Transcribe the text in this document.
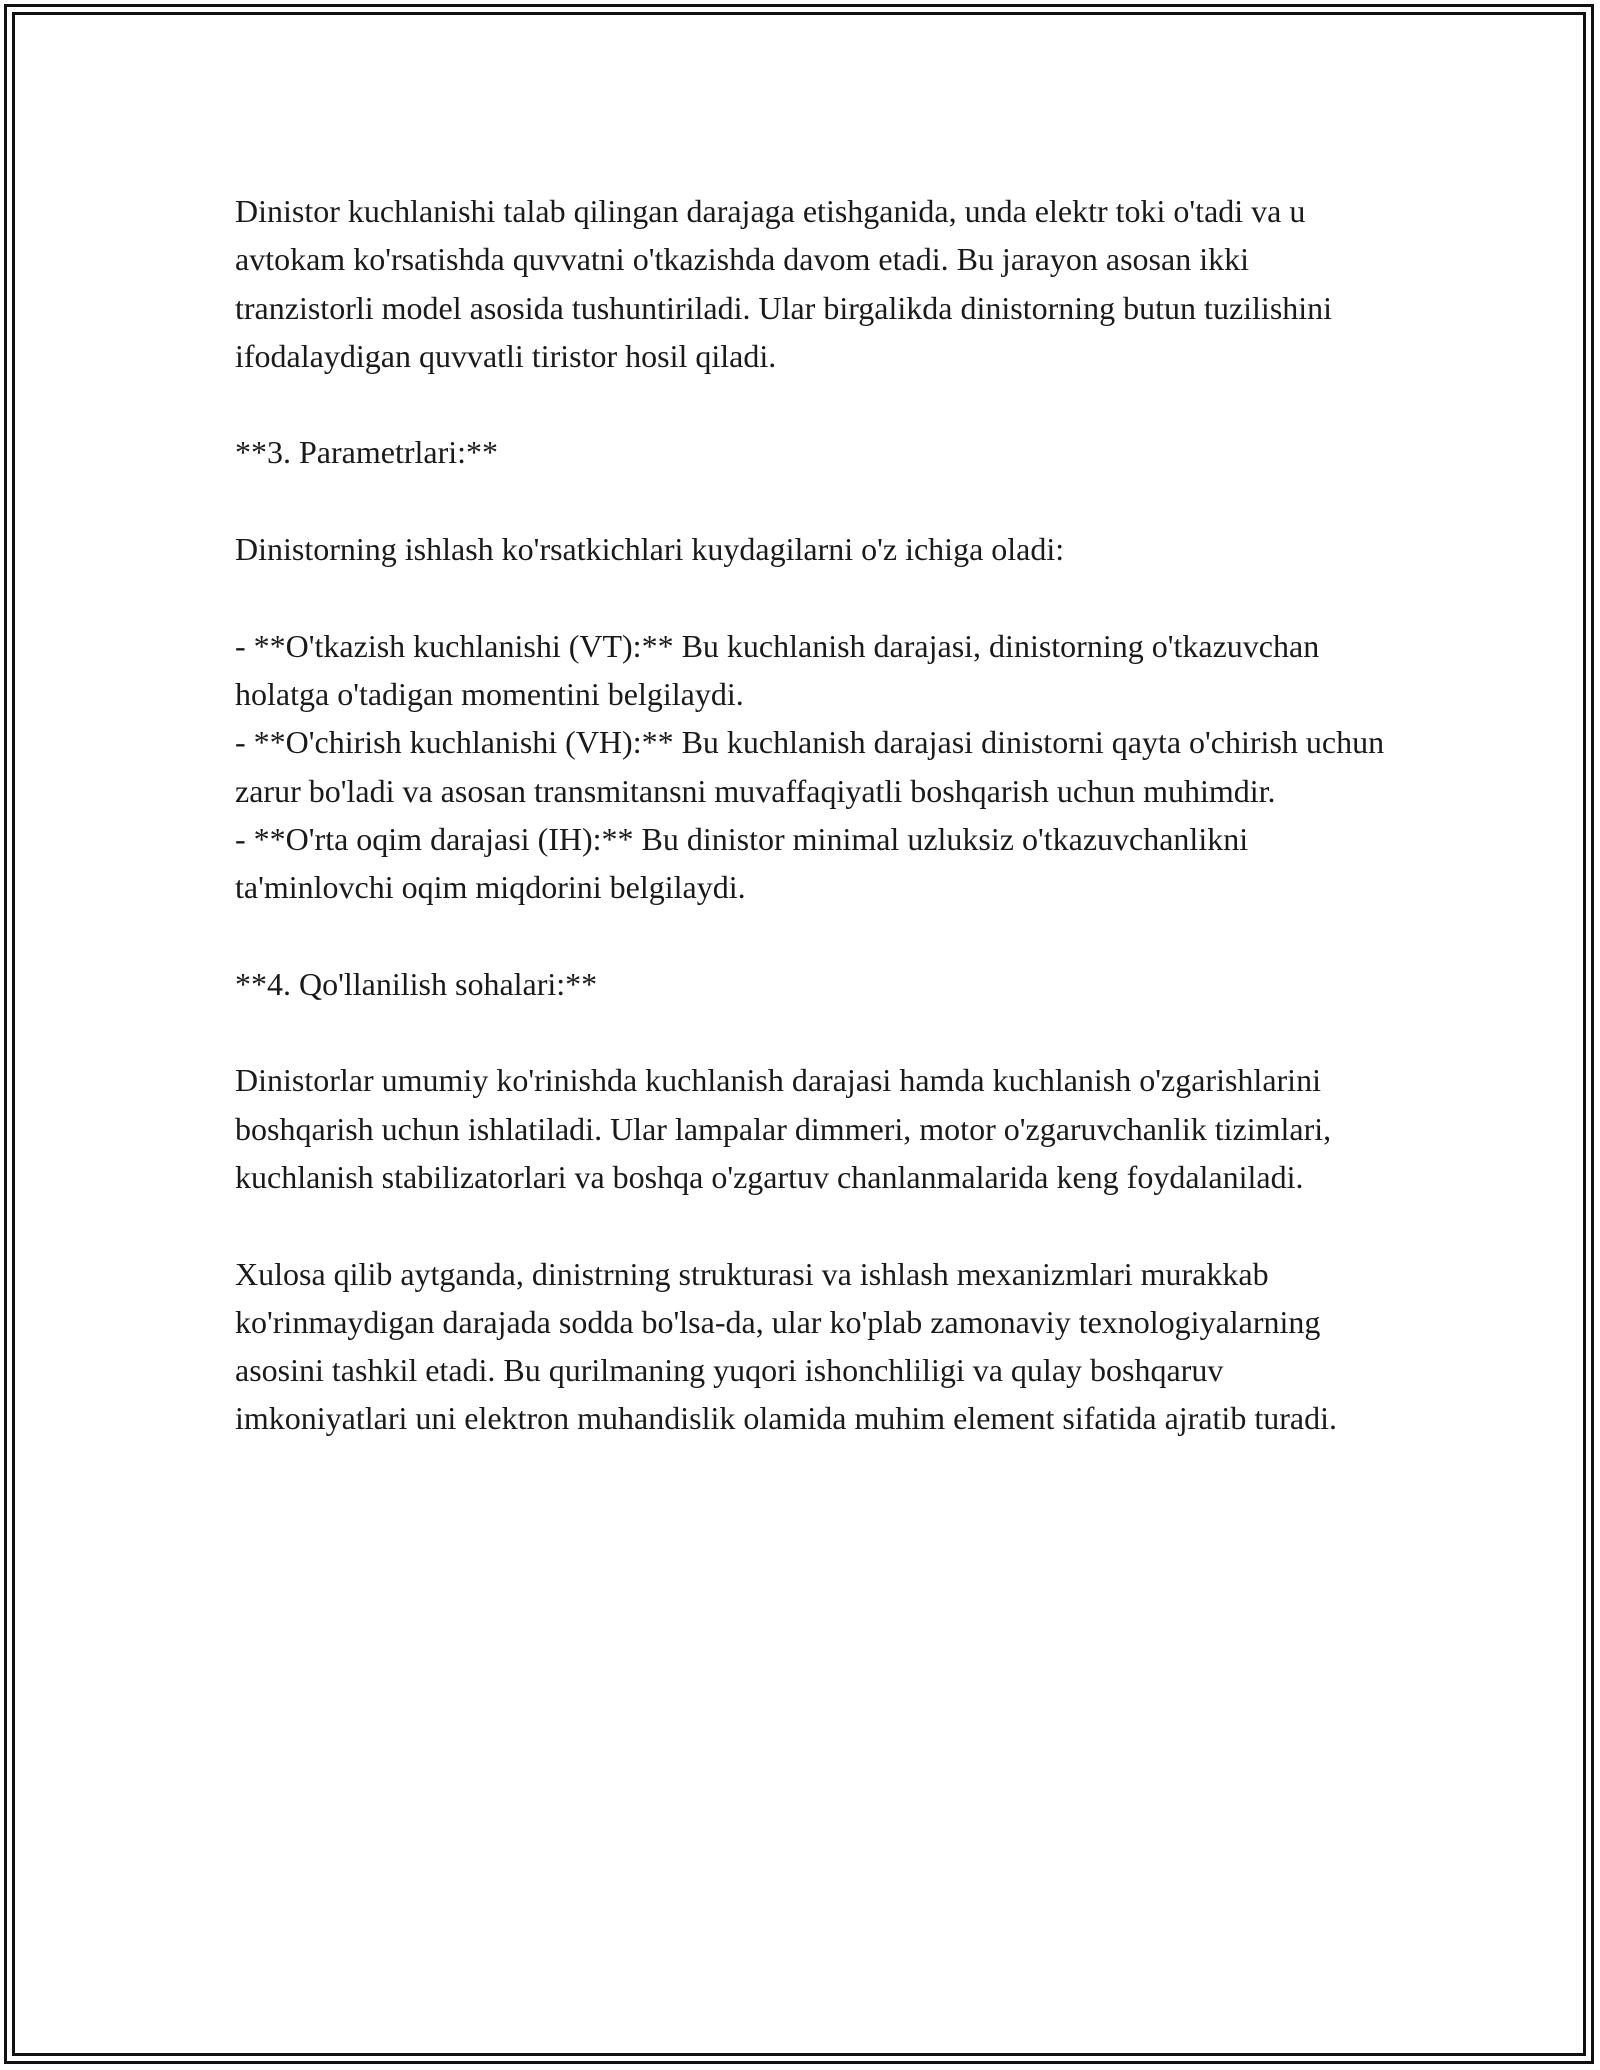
Dinistor kuchlanishi talab qilingan darajaga etishganida, unda elektr toki o'tadi va u avtokam ko'rsatishda quvvatni o'tkazishda davom etadi. Bu jarayon asosan ikki tranzistorli model asosida tushuntiriladi. Ular birgalikda dinistorning butun tuzilishini ifodalaydigan quvvatli tiristor hosil qiladi.

**3. Parametrlari:**

Dinistorning ishlash ko'rsatkichlari kuydagilarni o'z ichiga oladi:

- **O'tkazish kuchlanishi (VT):** Bu kuchlanish darajasi, dinistorning o'tkazuvchan holatga o'tadigan momentini belgilaydi.

- **O'chirish kuchlanishi (VH):** Bu kuchlanish darajasi dinistorni qayta o'chirish uchun zarur bo'ladi va asosan transmitansni muvaffaqiyatli boshqarish uchun muhimdir.

- **O'rta oqim darajasi (IH):** Bu dinistor minimal uzluksiz o'tkazuvchanlikni ta'minlovchi oqim miqdorini belgilaydi.

**4. Qo'llanilish sohalari:**

Dinistorlar umumiy ko'rinishda kuchlanish darajasi hamda kuchlanish o'zgarishlarini boshqarish uchun ishlatiladi. Ular lampalar dimmeri, motor o'zgaruvchanlik tizimlari, kuchlanish stabilizatorlari va boshqa o'zgartuv chanlanmalarida keng foydalaniladi.

Xulosa qilib aytganda, dinistrning strukturasi va ishlash mexanizmlari murakkab ko'rinmaydigan darajada sodda bo'lsa-da, ular ko'plab zamonaviy texnologiyalarning asosini tashkil etadi. Bu qurilmaning yuqori ishonchliligi va qulay boshqaruv imkoniyatlari uni elektron muhandislik olamida muhim element sifatida ajratib turadi.
